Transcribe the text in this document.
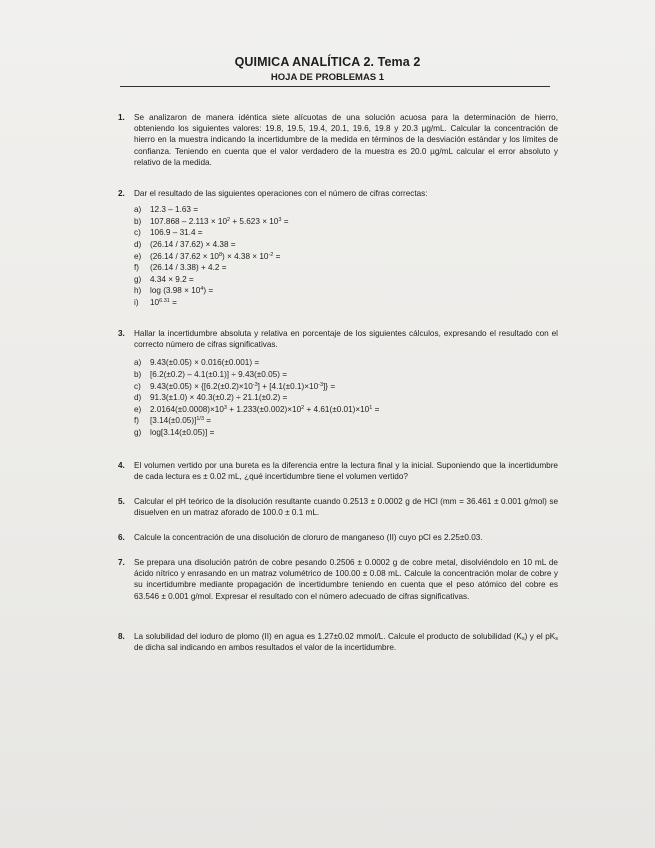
QUIMICA ANALÍTICA 2. Tema 2
HOJA DE PROBLEMAS 1
1. Se analizaron de manera idéntica siete alícuotas de una solución acuosa para la determinación de hierro, obteniendo los siguientes valores: 19.8, 19.5, 19.4, 20.1, 19.6, 19.8 y 20.3 µg/mL. Calcular la concentración de hierro en la muestra indicando la incertidumbre de la medida en términos de la desviación estándar y los límites de confianza. Teniendo en cuenta que el valor verdadero de la muestra es 20.0 µg/mL calcular el error absoluto y relativo de la medida.
2. Dar el resultado de las siguientes operaciones con el número de cifras correctas:
a) 12.3 – 1.63 =
b) $107.868 - 2.113 \times 10^2 + 5.623 \times 10^3$ =
c) 106.9 – 31.4 =
d) (26.14 / 37.62) × 4.38 =
e) $(26.14 / 37.62 \times 10^8) \times 4.38 \times 10^{-2}$ =
f) (26.14 / 3.38) + 4.2 =
g) 4.34 × 9.2 =
h) $\log (3.98 \times 10^4)$ =
i) $10^{6.31}$ =
3. Hallar la incertidumbre absoluta y relativa en porcentaje de los siguientes cálculos, expresando el resultado con el correcto número de cifras significativas.
a) 9.43(±0.05) × 0.016(±0.001) =
b) [6.2(±0.2) – 4.1(±0.1)] ÷ 9.43(±0.05) =
c) $9.43(\pm 0.05) \times \{[6.2(\pm 0.2)\times 10^{-3}] + [4.1(\pm 0.1)\times 10^{-3}]\}$ =
d) 91.3(±1.0) × 40.3(±0.2) ÷ 21.1(±0.2) =
e) $2.0164(\pm 0.0008)\times 10^3 + 1.233(\pm 0.002)\times 10^2 + 4.61(\pm 0.01)\times 10^1$ =
f) $[3.14(\pm 0.05)]^{1/3}$ =
g) log[3.14(±0.05)] =
4. El volumen vertido por una bureta es la diferencia entre la lectura final y la inicial. Suponiendo que la incertidumbre de cada lectura es ± 0.02 mL, ¿qué incertidumbre tiene el volumen vertido?
5. Calcular el pH teórico de la disolución resultante cuando 0.2513 ± 0.0002 g de HCl (mm = 36.461 ± 0.001 g/mol) se disuelven en un matraz aforado de 100.0 ± 0.1 mL.
6. Calcule la concentración de una disolución de cloruro de manganeso (II) cuyo pCl es 2.25±0.03.
7. Se prepara una disolución patrón de cobre pesando 0.2506 ± 0.0002 g de cobre metal, disolviéndolo en 10 mL de ácido nítrico y enrasando en un matraz volumétrico de 100.00 ± 0.08 mL. Calcule la concentración molar de cobre y su incertidumbre mediante propagación de incertidumbre teniendo en cuenta que el peso atómico del cobre es 63.546 ± 0.001 g/mol. Expresar el resultado con el número adecuado de cifras significativas.
8. La solubilidad del ioduro de plomo (II) en agua es 1.27±0.02 mmol/L. Calcule el producto de solubilidad $(K_s)$ y el $pK_s$ de dicha sal indicando en ambos resultados el valor de la incertidumbre.
